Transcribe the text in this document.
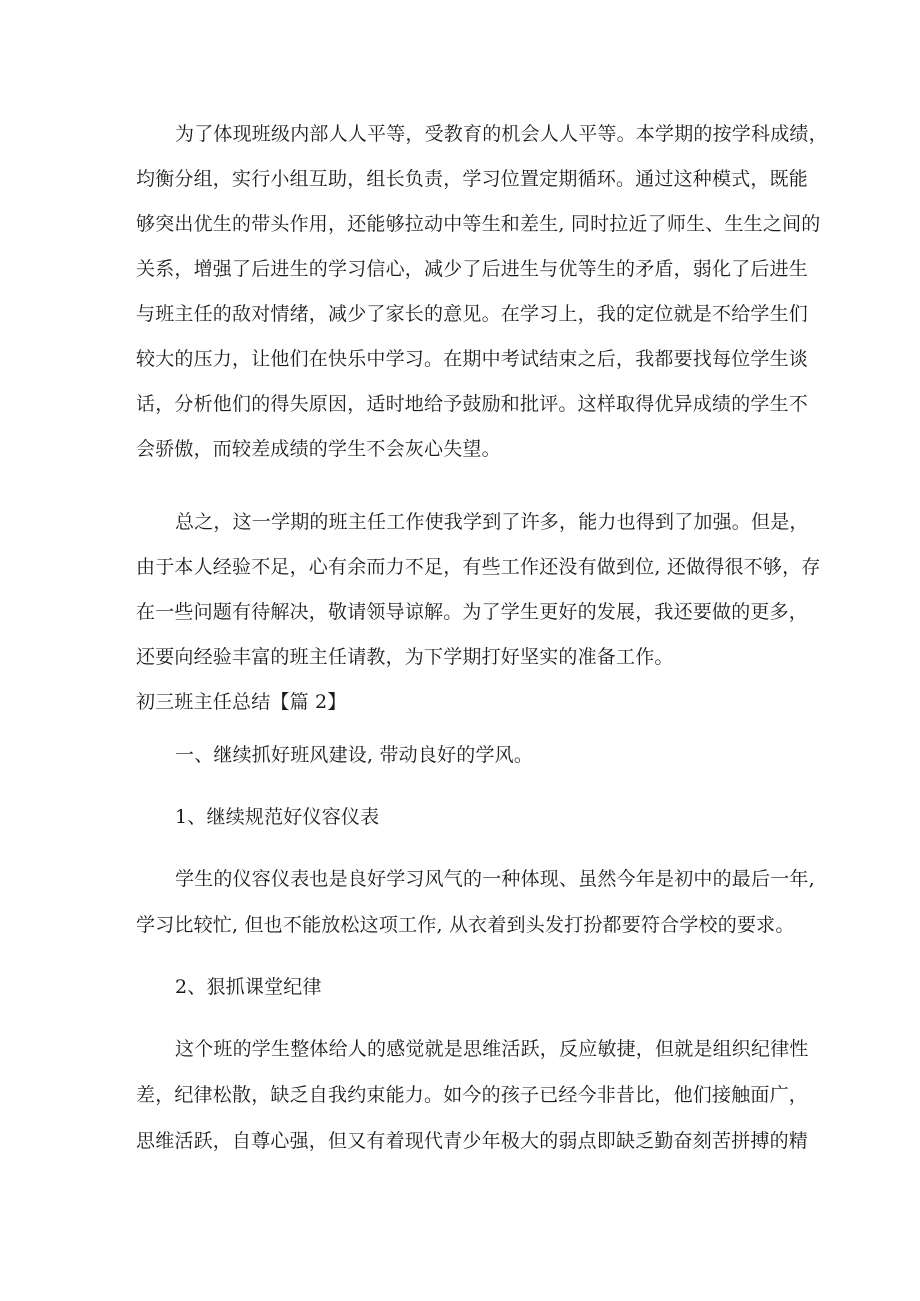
为了体现班级内部人人平等，受教育的机会人人平等。本学期的按学科成绩，
均衡分组，实行小组互助，组长负责，学习位置定期循环。通过这种模式，既能
够突出优生的带头作用，还能够拉动中等生和差生, 同时拉近了师生、生生之间的
关系，增强了后进生的学习信心，减少了后进生与优等生的矛盾，弱化了后进生
与班主任的敌对情绪，减少了家长的意见。在学习上，我的定位就是不给学生们
较大的压力，让他们在快乐中学习。在期中考试结束之后，我都要找每位学生谈
话，分析他们的得失原因，适时地给予鼓励和批评。这样取得优异成绩的学生不
会骄傲，而较差成绩的学生不会灰心失望。
总之，这一学期的班主任工作使我学到了许多，能力也得到了加强。但是，
由于本人经验不足，心有余而力不足，有些工作还没有做到位, 还做得很不够，存
在一些问题有待解决，敬请领导谅解。为了学生更好的发展，我还要做的更多，
还要向经验丰富的班主任请教，为下学期打好坚实的准备工作。
初三班主任总结【篇 2】
一、继续抓好班风建设, 带动良好的学风。
1、继续规范好仪容仪表
学生的仪容仪表也是良好学习风气的一种体现、虽然今年是初中的最后一年,
学习比较忙, 但也不能放松这项工作, 从衣着到头发打扮都要符合学校的要求。
2、狠抓课堂纪律
这个班的学生整体给人的感觉就是思维活跃，反应敏捷，但就是组织纪律性
差，纪律松散，缺乏自我约束能力。如今的孩子已经今非昔比，他们接触面广，
思维活跃，自尊心强，但又有着现代青少年极大的弱点即缺乏勤奋刻苦拼搏的精
